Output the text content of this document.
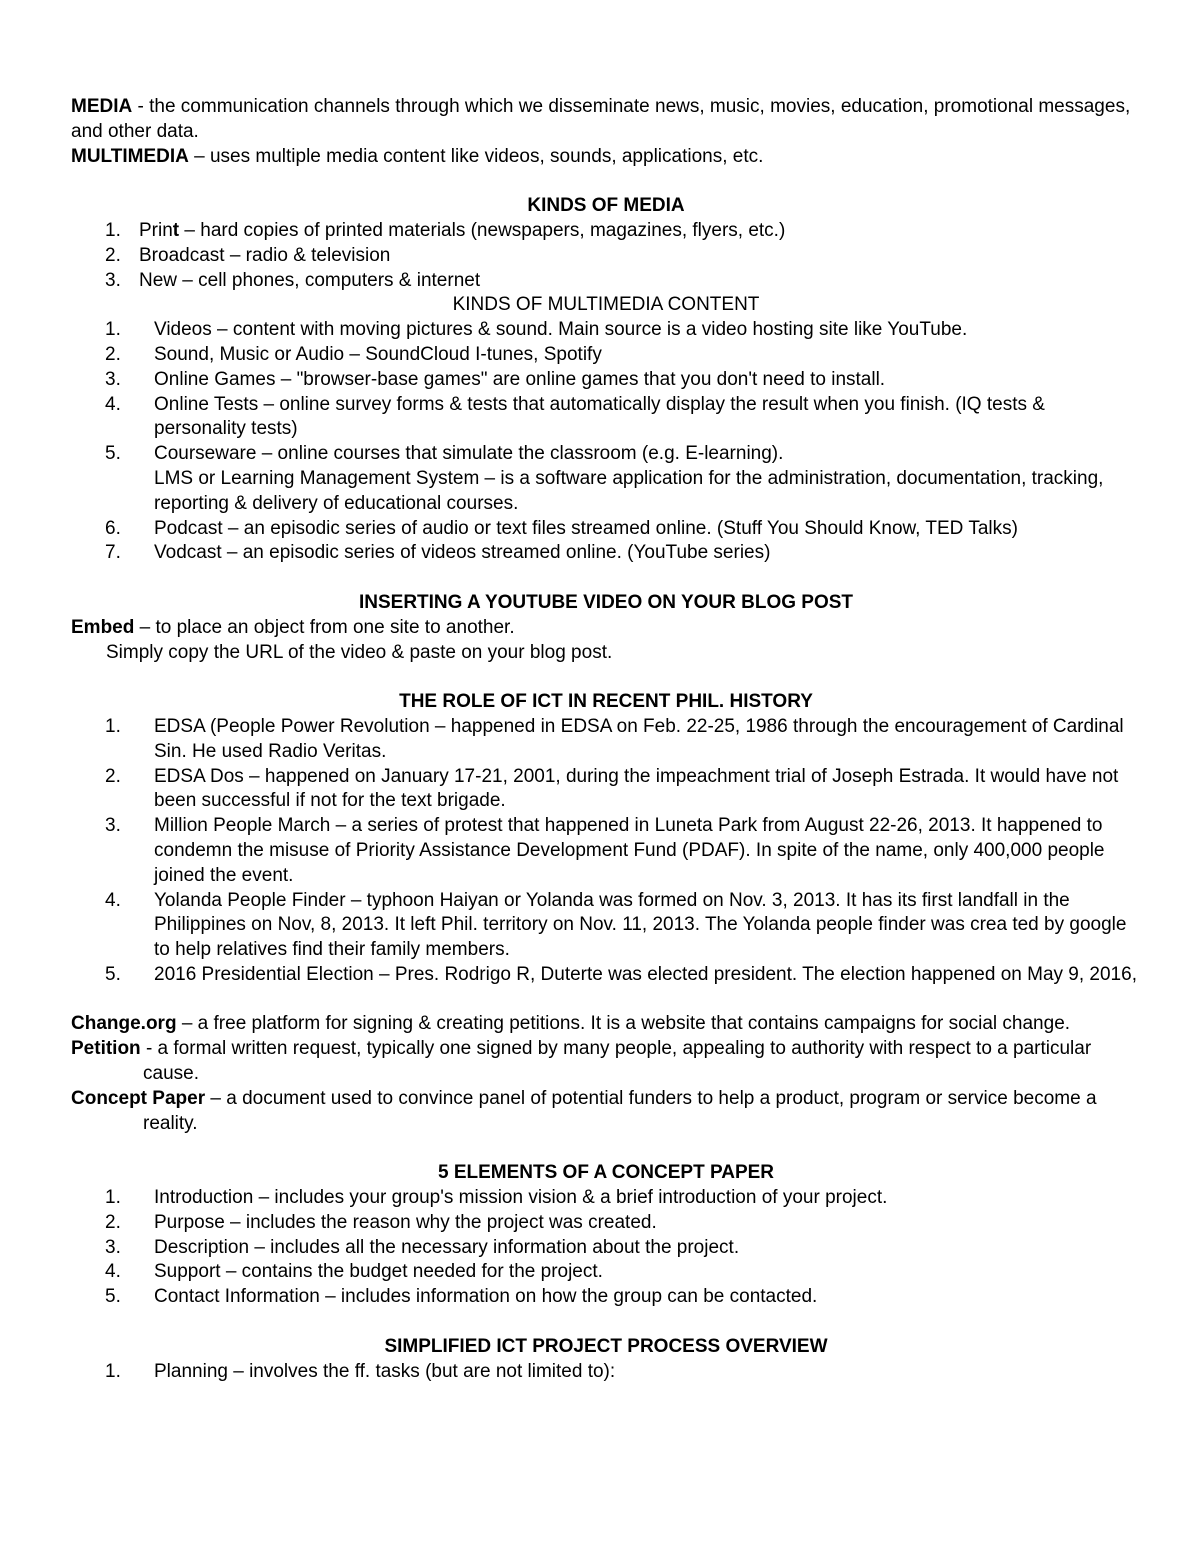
MEDIA - the communication channels through which we disseminate news, music, movies, education, promotional messages, and other data.

MULTIMEDIA – uses multiple media content like videos, sounds, applications, etc.

KINDS OF MEDIA

1. Print – hard copies of printed materials (newspapers, magazines, flyers, etc.)
2. Broadcast – radio & television
3. New – cell phones, computers & internet

KINDS OF MULTIMEDIA CONTENT

1. Videos – content with moving pictures & sound. Main source is a video hosting site like YouTube.
2. Sound, Music or Audio – SoundCloud I-tunes, Spotify
3. Online Games – "browser-base games" are online games that you don't need to install.
4. Online Tests – online survey forms & tests that automatically display the result when you finish. (IQ tests & personality tests)
5. Courseware – online courses that simulate the classroom (e.g. E-learning).
LMS or Learning Management System – is a software application for the administration, documentation, tracking, reporting & delivery of educational courses.
6. Podcast – an episodic series of audio or text files streamed online. (Stuff You Should Know, TED Talks)
7. Vodcast – an episodic series of videos streamed online. (YouTube series)

INSERTING A YOUTUBE VIDEO ON YOUR BLOG POST

Embed – to place an object from one site to another.

Simply copy the URL of the video & paste on your blog post.

THE ROLE OF ICT IN RECENT PHIL. HISTORY

1. EDSA (People Power Revolution – happened in EDSA on Feb. 22-25, 1986 through the encouragement of Cardinal Sin. He used Radio Veritas.
2. EDSA Dos – happened on January 17-21, 2001, during the impeachment trial of Joseph Estrada. It would have not been successful if not for the text brigade.
3. Million People March – a series of protest that happened in Luneta Park from August 22-26, 2013. It happened to condemn the misuse of Priority Assistance Development Fund (PDAF). In spite of the name, only 400,000 people joined the event.
4. Yolanda People Finder – typhoon Haiyan or Yolanda was formed on Nov. 3, 2013. It has its first landfall in the Philippines on Nov, 8, 2013. It left Phil. territory on Nov. 11, 2013. The Yolanda people finder was crea ted by google to help relatives find their family members.
5. 2016 Presidential Election – Pres. Rodrigo R, Duterte was elected president. The election happened on May 9, 2016,

Change.org – a free platform for signing & creating petitions. It is a website that contains campaigns for social change.

Petition - a formal written request, typically one signed by many people, appealing to authority with respect to a particular cause.

Concept Paper – a document used to convince panel of potential funders to help a product, program or service become a reality.

5 ELEMENTS OF A CONCEPT PAPER

1. Introduction – includes your group's mission vision & a brief introduction of your project.
2. Purpose – includes the reason why the project was created.
3. Description – includes all the necessary information about the project.
4. Support – contains the budget needed for the project.
5. Contact Information – includes information on how the group can be contacted.

SIMPLIFIED ICT PROJECT PROCESS OVERVIEW

1. Planning – involves the ff. tasks (but are not limited to):
